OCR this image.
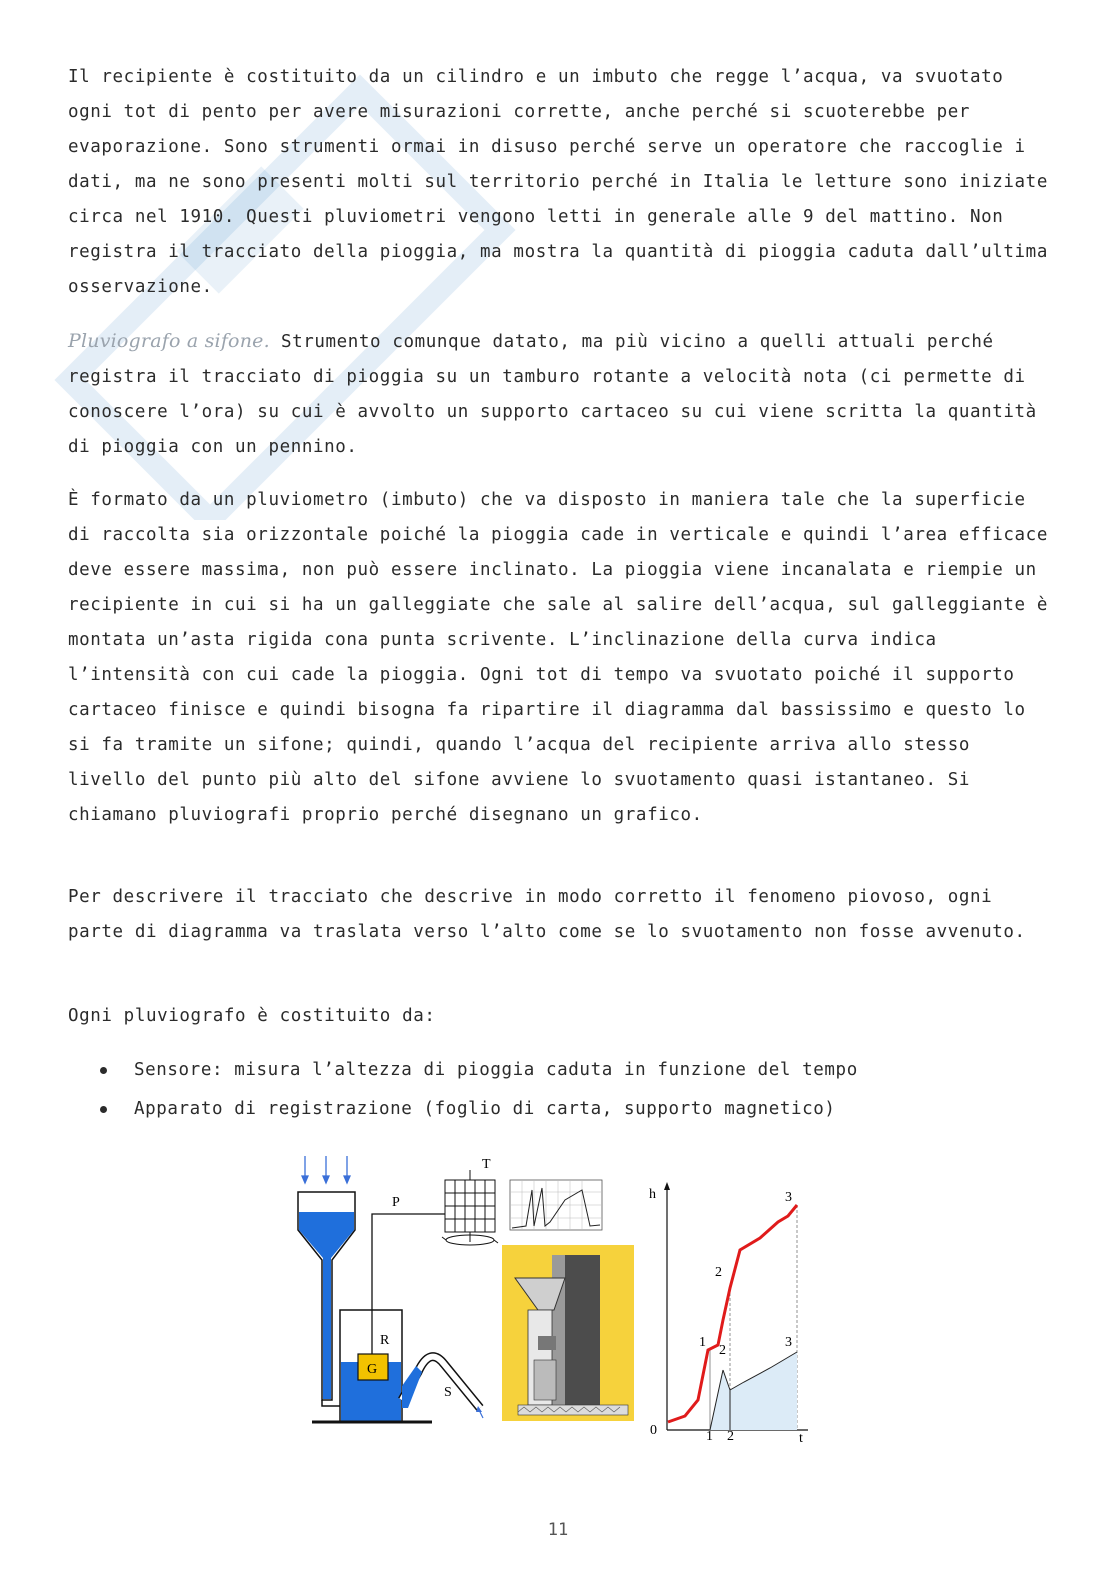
Il recipiente è costituito da un cilindro e un imbuto che regge l’acqua, va svuotato ogni tot di pento per avere misurazioni corrette, anche perché si scuoterebbe per evaporazione. Sono strumenti ormai in disuso perché serve un operatore che raccoglie i dati, ma ne sono presenti molti sul territorio perché in Italia le letture sono iniziate circa nel 1910. Questi pluviometri vengono letti in generale alle 9 del mattino. Non registra il tracciato della pioggia, ma mostra la quantità di pioggia caduta dall’ultima osservazione.

Pluviografo a sifone. Strumento comunque datato, ma più vicino a quelli attuali perché registra il tracciato di pioggia su un tamburo rotante a velocità nota (ci permette di conoscere l’ora) su cui è avvolto un supporto cartaceo su cui viene scritta la quantità di pioggia con un pennino.

È formato da un pluviometro (imbuto) che va disposto in maniera tale che la superficie di raccolta sia orizzontale poiché la pioggia cade in verticale e quindi l’area efficace deve essere massima, non può essere inclinato. La pioggia viene incanalata e riempie un recipiente in cui si ha un galleggiate che sale al salire dell’acqua, sul galleggiante è montata un’asta rigida cona punta scrivente. L’inclinazione della curva indica l’intensità con cui cade la pioggia. Ogni tot di tempo va svuotato poiché il supporto cartaceo finisce e quindi bisogna fa ripartire il diagramma dal bassissimo e questo lo si fa tramite un sifone; quindi, quando l’acqua del recipiente arriva allo stesso livello del punto più alto del sifone avviene lo svuotamento quasi istantaneo. Si chiamano pluviografi proprio perché disegnano un grafico.

Per descrivere il tracciato che descrive in modo corretto il fenomeno piovoso, ogni parte di diagramma va traslata verso l’alto come se lo svuotamento non fosse avvenuto.

Ogni pluviografo è costituito da:

Sensore: misura l’altezza di pioggia caduta in funzione del tempo
Apparato di registrazione (foglio di carta, supporto magnetico)
T
P
R
G
S
h
t
0
1
2
3
2
3
1 2
11
